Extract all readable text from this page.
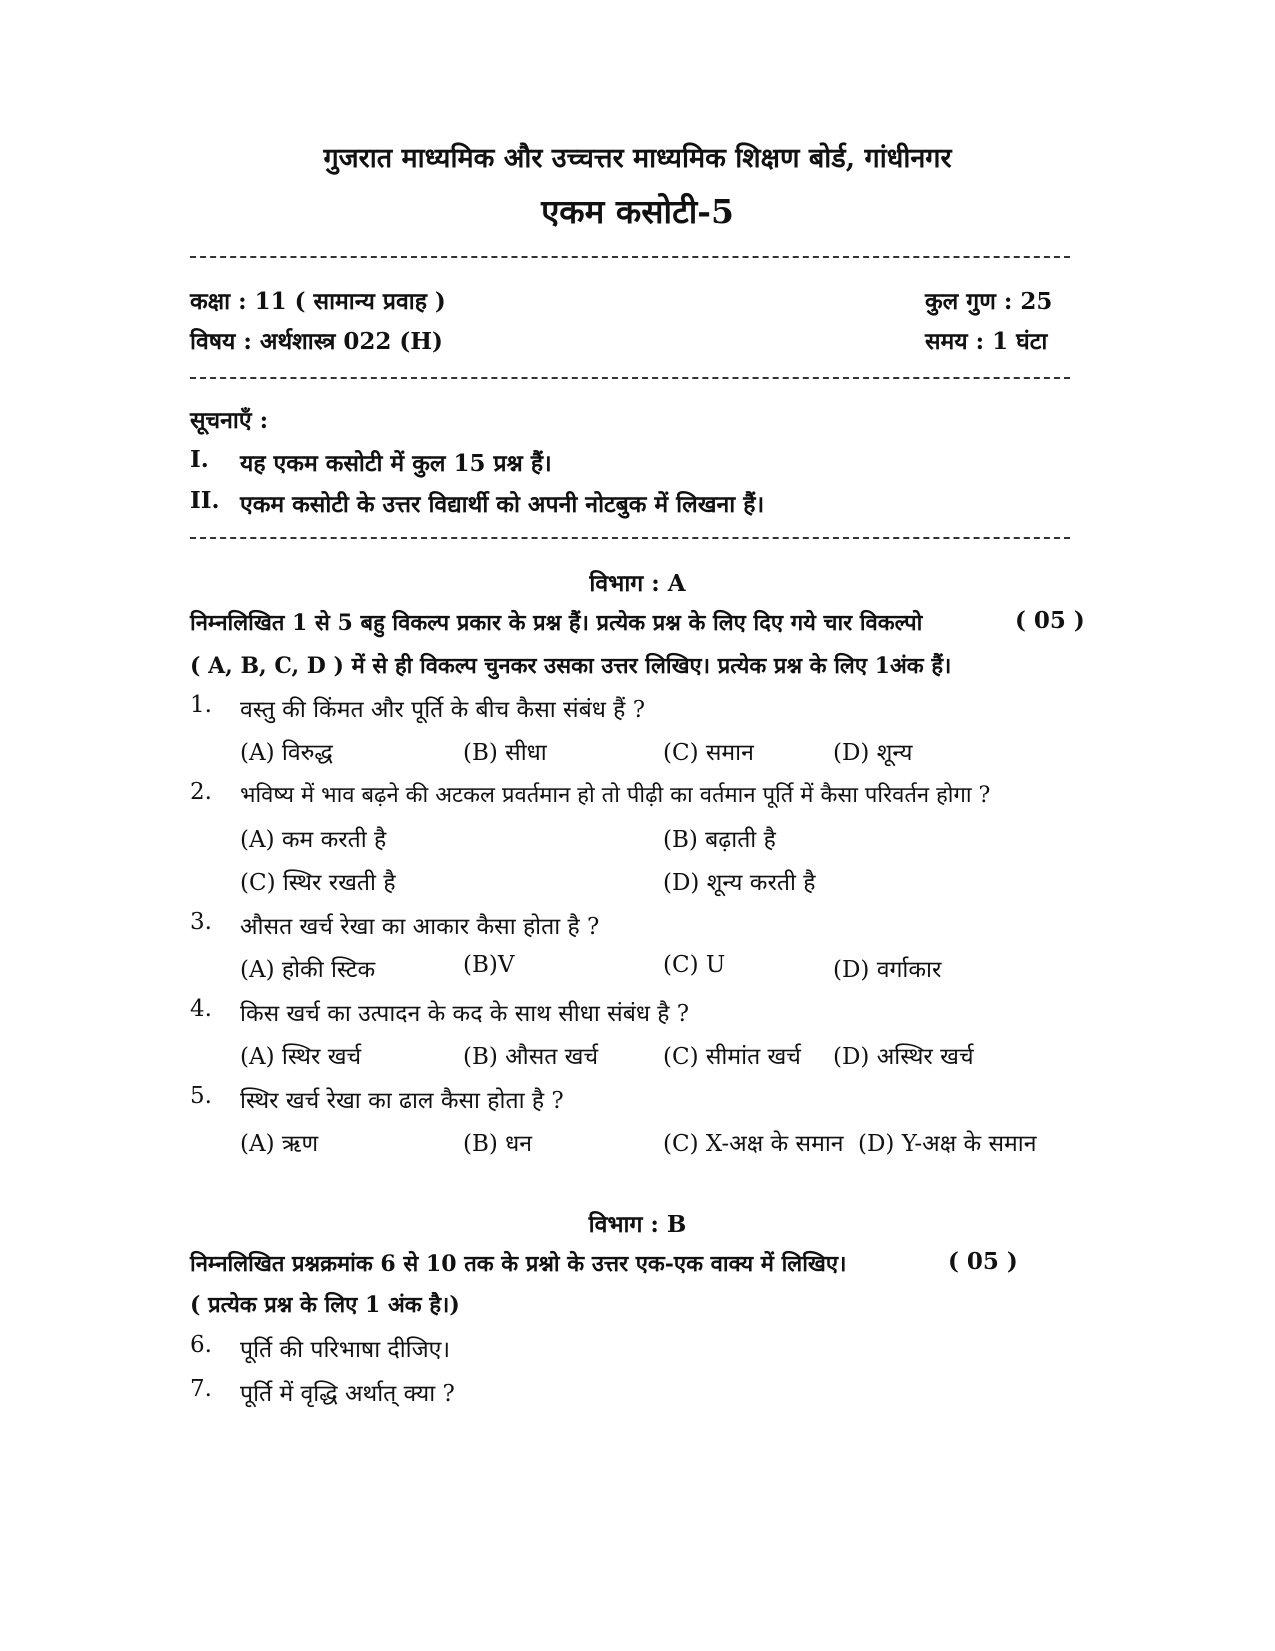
गुजरात माध्यमिक और उच्चत्तर माध्यमिक शिक्षण बोर्ड, गांधीनगर
एकम कसोटी-5
कक्षा : 11 ( सामान्य प्रवाह )	कुल गुण : 25
विषय : अर्थशास्त्र 022 (H)	समय : 1 घंटा
सूचनाएँ :
I. यह एकम कसोटी में कुल 15 प्रश्न हैं।
II. एकम कसोटी के उत्तर विद्यार्थी को अपनी नोटबुक में लिखना हैं।
विभाग : A
निम्नलिखित 1 से 5 बहु विकल्प प्रकार के प्रश्न हैं। प्रत्येक प्रश्न के लिए दिए गये चार विकल्पो	( 05 )
( A, B, C, D ) में से ही विकल्प चुनकर उसका उत्तर लिखिए। प्रत्येक प्रश्न के लिए 1अंक हैं।
1. वस्तु की किंमत और पूर्ति के बीच कैसा संबंध हैं ?
(A) विरुद्ध	(B) सीधा	(C) समान	(D) शून्य
2. भविष्य में भाव बढ़ने की अटकल प्रवर्तमान हो तो पीढ़ी का वर्तमान पूर्ति में कैसा परिवर्तन होगा ?
(A) कम करती है	(B) बढ़ाती है
(C) स्थिर रखती है	(D) शून्य करती है
3. औसत खर्च रेखा का आकार कैसा होता है ?
(A) होकी स्टिक	(B)V	(C) U	(D) वर्गाकार
4. किस खर्च का उत्पादन के कद के साथ सीधा संबंध है ?
(A) स्थिर खर्च	(B) औसत खर्च	(C) सीमांत खर्च (D) अस्थिर खर्च
5. स्थिर खर्च रेखा का ढाल कैसा होता है ?
(A) ऋण	(B) धन	(C) X-अक्ष के समान (D) Y-अक्ष के समान
विभाग : B
निम्नलिखित प्रश्नक्रमांक 6 से 10 तक के प्रश्नो के उत्तर एक-एक वाक्य में लिखिए।	( 05 )
( प्रत्येक प्रश्न के लिए 1 अंक है।)
6. पूर्ति की परिभाषा दीजिए।
7. पूर्ति में वृद्धि अर्थात् क्या ?
